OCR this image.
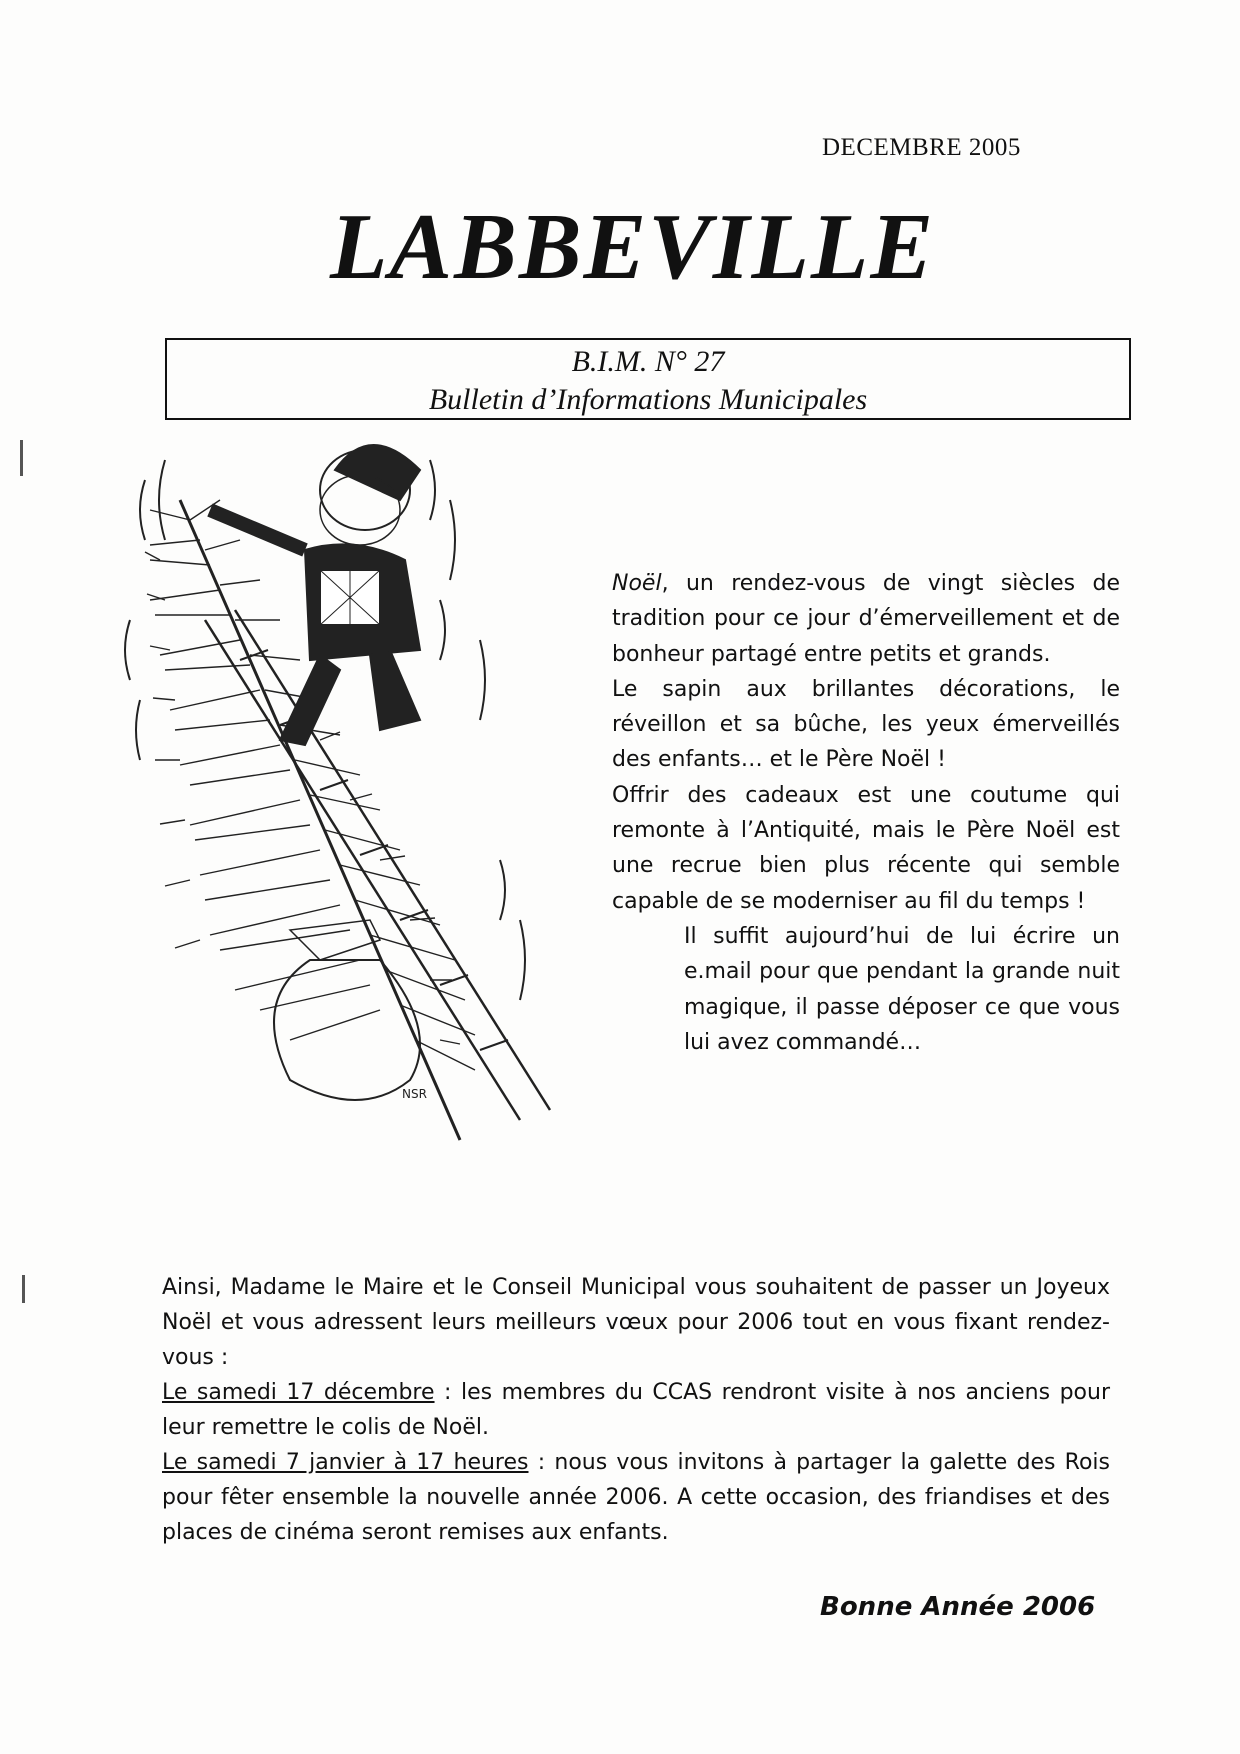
DECEMBRE 2005
LABBEVILLE
B.I.M. N° 27
Bulletin d’Informations Municipales
NSR

Noël, un rendez-vous de vingt siècles de tradition pour ce jour d’émerveillement et de bonheur partagé entre petits et grands.

Le sapin aux brillantes décorations, le réveillon et sa bûche, les yeux émerveillés des enfants… et le Père Noël !

Offrir des cadeaux est une coutume qui remonte à l’Antiquité, mais le Père Noël est une recrue bien plus récente qui semble capable de se moderniser au fil du temps !

Il suffit aujourd’hui de lui écrire un e.mail pour que pendant la grande nuit magique, il passe déposer ce que vous lui avez commandé…

Ainsi, Madame le Maire et le Conseil Municipal vous souhaitent de passer un Joyeux Noël et vous adressent leurs meilleurs vœux pour 2006 tout en vous fixant rendez-vous :

Le samedi 17 décembre : les membres du CCAS rendront visite à nos anciens pour leur remettre le colis de Noël.

Le samedi 7 janvier à 17 heures : nous vous invitons à partager la galette des Rois pour fêter ensemble la nouvelle année 2006. A cette occasion, des friandises et des places de cinéma seront remises aux enfants.

Bonne Année 2006
